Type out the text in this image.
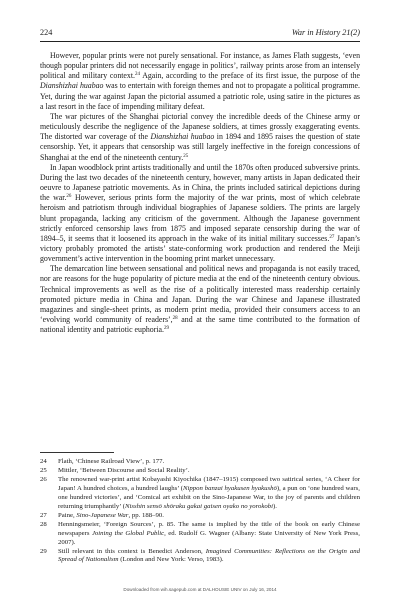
224	War in History 21(2)

However, popular prints were not purely sensational. For instance, as James Flath suggests, ‘even though popular printers did not necessarily engage in politics’, railway prints arose from an intensely political and military context.$^{24}$ Again, according to the preface of its first issue, the purpose of the Dianshizhai huabao was to entertain with foreign themes and not to propagate a political programme. Yet, during the war against Japan the pictorial assumed a patriotic role, using satire in the pictures as a last resort in the face of impending military defeat.

The war pictures of the Shanghai pictorial convey the incredible deeds of the Chinese army or meticulously describe the negligence of the Japanese soldiers, at times grossly exaggerating events. The distorted war coverage of the Dianshizhai huabao in 1894 and 1895 raises the question of state censorship. Yet, it appears that censorship was still largely ineffective in the foreign concessions of Shanghai at the end of the nineteenth century.$^{25}$

In Japan woodblock print artists traditionally and until the 1870s often produced subversive prints. During the last two decades of the nineteenth century, however, many artists in Japan dedicated their oeuvre to Japanese patriotic movements. As in China, the prints included satirical depictions during the war.$^{26}$ However, serious prints form the majority of the war prints, most of which celebrate heroism and patriotism through individual biographies of Japanese soldiers. The prints are largely blunt propaganda, lacking any criticism of the government. Although the Japanese government strictly enforced censorship laws from 1875 and imposed separate censorship during the war of 1894–5, it seems that it loosened its approach in the wake of its initial military successes.$^{27}$ Japan’s victory probably promoted the artists’ state-conforming work production and rendered the Meiji government’s active intervention in the booming print market unnecessary.

The demarcation line between sensational and political news and propaganda is not easily traced, nor are reasons for the huge popularity of picture media at the end of the nineteenth century obvious. Technical improvements as well as the rise of a politically interested mass readership certainly promoted picture media in China and Japan. During the war Chinese and Japanese illustrated magazines and single-sheet prints, as modern print media, provided their consumers access to an ‘evolving world community of readers’,$^{28}$ and at the same time contributed to the formation of national identity and patriotic euphoria.$^{29}$

24	Flath, ‘Chinese Railroad View’, p. 177.
25	Mittler, ‘Between Discourse and Social Reality’.
26	The renowned war-print artist Kobayashi Kiyochika (1847–1915) composed two satirical series, ‘A Cheer for Japan! A hundred choices, a hundred laughs’ (Nippon banzai hyakusen hyakushō), a pun on ‘one hundred wars, one hundred victories’, and ‘Comical art exhibit on the Sino-Japanese War, to the joy of parents and children returning triumphantly’ (Nisshin sensō shōraku gakai gaisen oyako no yorokobi).
27	Paine, Sino-Japanese War, pp. 188–90.
28	Henningsmeier, ‘Foreign Sources’, p. 85. The same is implied by the title of the book on early Chinese newspapers Joining the Global Public, ed. Rudolf G. Wagner (Albany: State University of New York Press, 2007).
29	Still relevant in this context is Benedict Anderson, Imagined Communities: Reflections on the Origin and Spread of Nationalism (London and New York: Verso, 1983).
Downloaded from wih.sagepub.com at DALHOUSIE UNIV on July 16, 2014
